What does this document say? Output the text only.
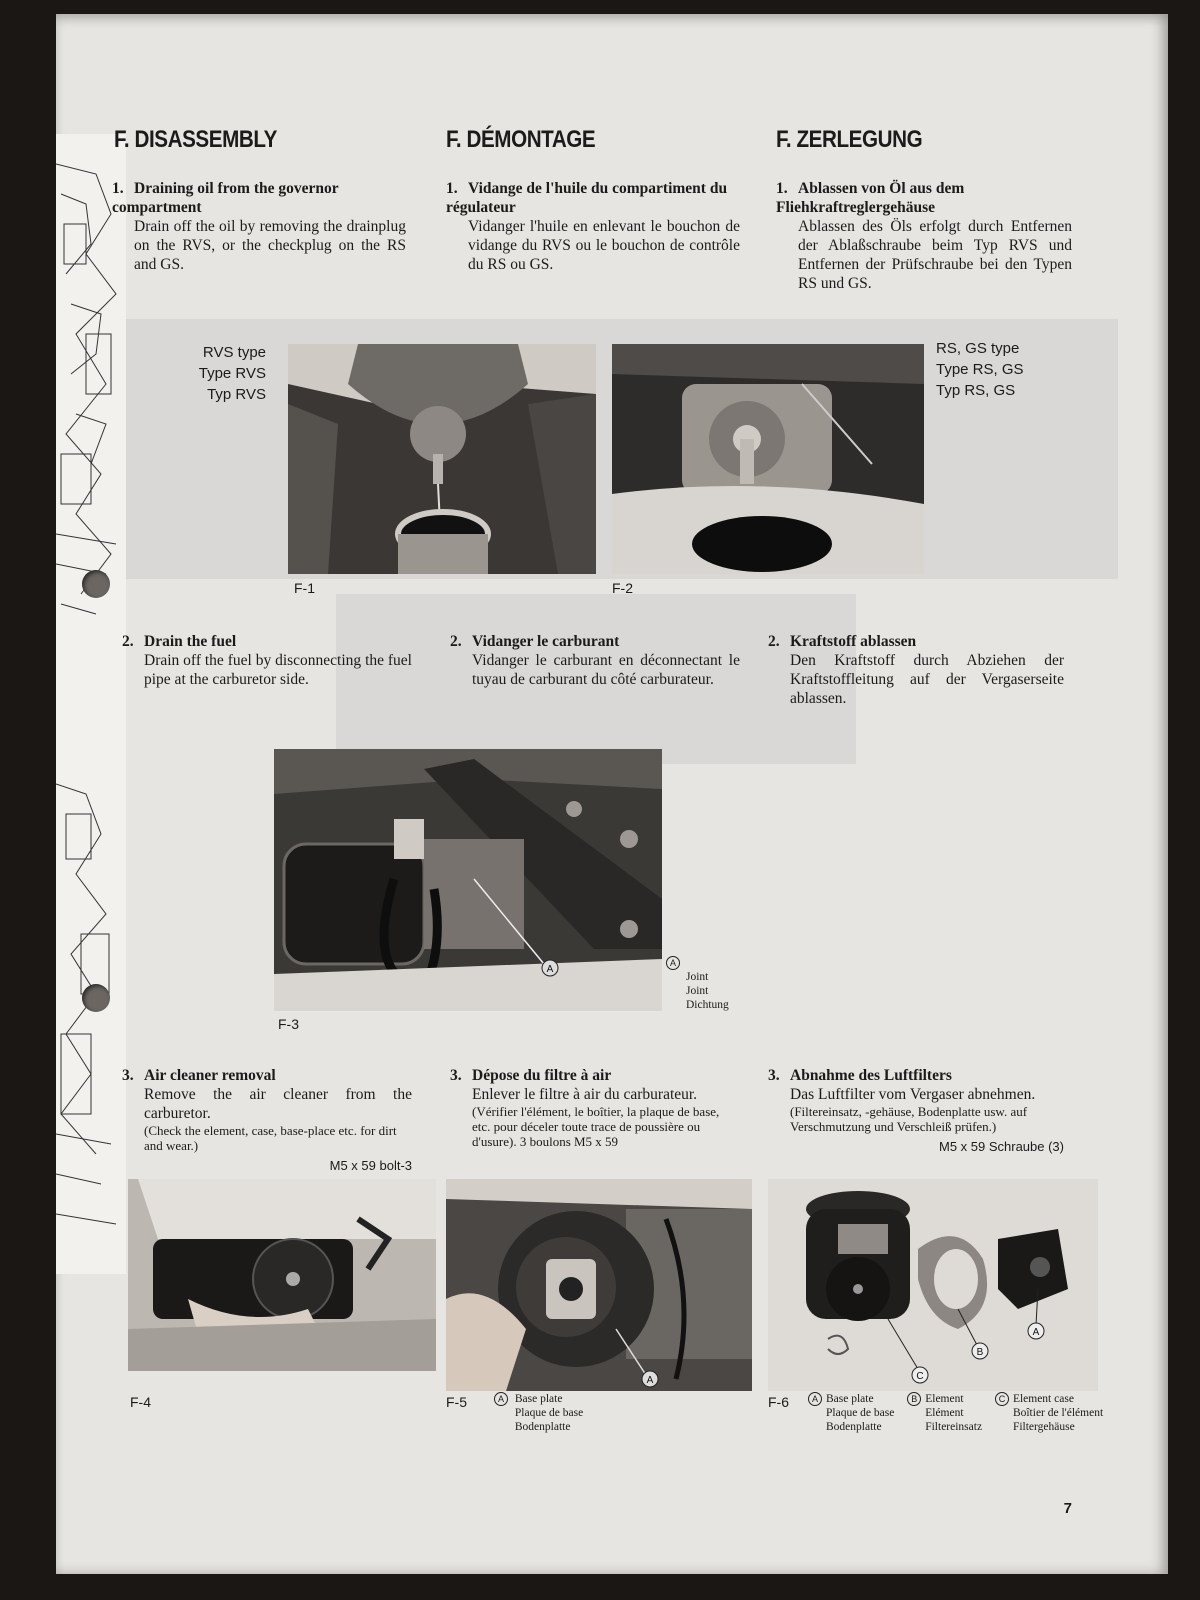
F. DISASSEMBLY	F. DÉMONTAGE	F. ZERLEGUNG
1. Draining oil from the governor compartment
Drain off the oil by removing the drainplug on the RVS, or the checkplug on the RS and GS.
1. Vidange de l'huile du compartiment du régulateur
Vidanger l'huile en enlevant le bouchon de vidange du RVS ou le bouchon de contrôle du RS ou GS.
1. Ablassen von Öl aus dem Fliehkraftreglergehäuse
Ablassen des Öls erfolgt durch Entfernen der Ablaßschraube beim Typ RVS und Entfernen der Prüfschraube bei den Typen RS und GS.
RVS type
Type RVS
Typ RVS
RS, GS type
Type RS, GS
Typ RS, GS
F-1	F-2
2. Drain the fuel
Drain off the fuel by disconnecting the fuel pipe at the carburetor side.
2. Vidanger le carburant
Vidanger le carburant en déconnectant le tuyau de carburant du côté carburateur.
2. Kraftstoff ablassen
Den Kraftstoff durch Abziehen der Kraftstoffleitung auf der Vergaserseite ablassen.
A
F-3
A
Joint
Joint
Dichtung
3. Air cleaner removal
Remove the air cleaner from the carburetor.
(Check the element, case, base-place etc. for dirt and wear.)
M5 x 59 bolt-3
3. Dépose du filtre à air
Enlever le filtre à air du carburateur.
(Vérifier l'élément, le boîtier, la plaque de base, etc. pour déceler toute trace de poussière ou d'usure). 3 boulons M5 x 59
3. Abnahme des Luftfilters
Das Luftfilter vom Vergaser abnehmen.
(Filtereinsatz, -gehäuse, Bodenplatte usw. auf Verschmutzung und Verschleiß prüfen.)
M5 x 59 Schraube (3)
F-4
A
F-5	A Base plate
Plaque de base
Bodenplatte
C
B
A
F-6	A Base plate
Plaque de base
Bodenplatte
B Element
Elément
Filtereinsatz
C Element case
Boîtier de l'élément
Filtergehäuse
7
